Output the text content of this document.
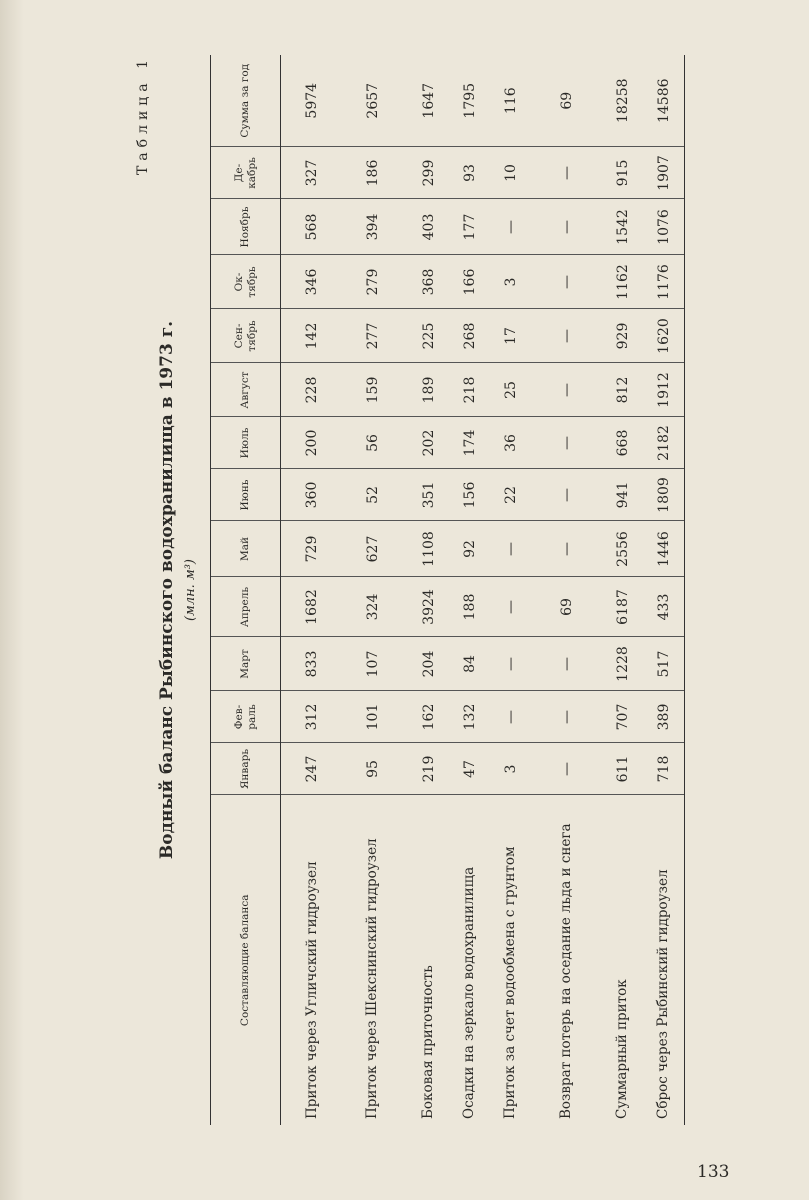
Таблица 1
Водный баланс Рыбинского водохранилища в 1973 г. (млн. м³)
Составляющие баланса	Январь	Фев- раль	Март	Апрель	Май	Июнь	Июль	Август	Сен- тябрь	Ок- тябрь	Ноябрь	Де- кабрь	Сумма за год
Приток через Угличский гидроузел	247	312	833	1682	729	360	200	228	142	346	568	327	5974
Приток через Шекснинский гидроузел	95	101	107	324	627	52	56	159	277	279	394	186	2657
Боковая приточность	219	162	204	3924	1108	351	202	189	225	368	403	299	1647
Осадки на зеркало водохранилища	47	132	84	188	92	156	174	218	268	166	177	93	1795
Приток за счет водообмена с грунтом	3	—	—	—	—	22	36	25	17	3	—	10	116
Возврат потерь на оседание льда и снега	—	—	—	69	—	—	—	—	—	—	—	—	69
Суммарный приток	611	707	1228	6187	2556	941	668	812	929	1162	1542	915	18258
Сброс через Рыбинский гидроузел	718	389	517	433	1446	1809	2182	1912	1620	1176	1076	1907	14586
133
